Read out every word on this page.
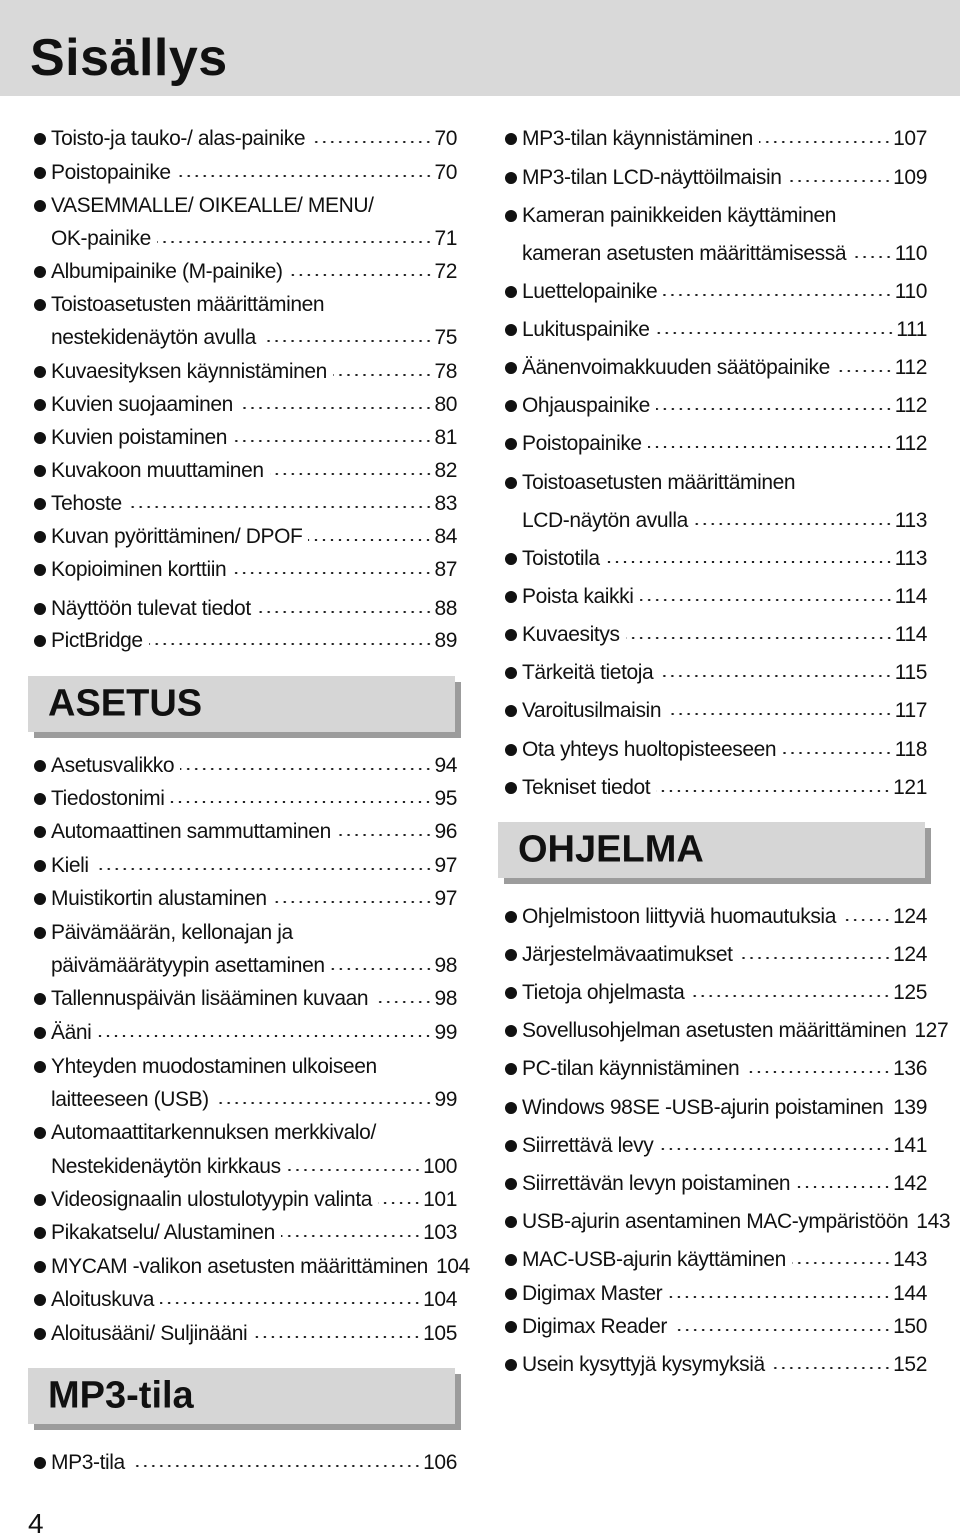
Sisällys
ASETUS
MP3-tila
OHJELMA
Toisto-ja tauko-/ alas-painike	70
Poistopainike	70
VASEMMALLE/ OIKEALLE/ MENU/
OK-painike	71
Albumipainike (M-painike)	72
Toistoasetusten määrittäminen
nestekidenäytön avulla	75
Kuvaesityksen käynnistäminen	78
Kuvien suojaaminen	80
Kuvien poistaminen	81
Kuvakoon muuttaminen	82
Tehoste	83
Kuvan pyörittäminen/ DPOF	84
Kopioiminen korttiin	87
Näyttöön tulevat tiedot	88
PictBridge	89
Asetusvalikko	94
Tiedostonimi	95
Automaattinen sammuttaminen	96
Kieli	97
Muistikortin alustaminen	97
Päivämäärän, kellonajan ja
päivämäärätyypin asettaminen	98
Tallennuspäivän lisääminen kuvaan	98
Ääni	99
Yhteyden muodostaminen ulkoiseen
laitteeseen (USB)	99
Automaattitarkennuksen merkkivalo/
Nestekidenäytön kirkkaus	100
Videosignaalin ulostulotyypin valinta 101
Pikakatselu/ Alustaminen	103
MYCAM -valikon asetusten määrittäminen 104
Aloituskuva	104
Aloitusääni/ Suljinääni	105
MP3-tila	106
MP3-tilan käynnistäminen	107
MP3-tilan LCD-näyttöilmaisin	109
Kameran painikkeiden käyttäminen
kameran asetusten määrittämisessä 110
Luettelopainike	110
Lukituspainike	111
Äänenvoimakkuuden säätöpainike	112
Ohjauspainike	112
Poistopainike	112
Toistoasetusten määrittäminen
LCD-näytön avulla	113
Toistotila	113
Poista kaikki	114
Kuvaesitys	114
Tärkeitä tietoja	115
Varoitusilmaisin	117
Ota yhteys huoltopisteeseen	118
Tekniset tiedot	121
Ohjelmistoon liittyviä huomautuksia	124
Järjestelmävaatimukset	124
Tietoja ohjelmasta	125
Sovellusohjelman asetusten määrittäminen 127
PC-tilan käynnistäminen	136
Windows 98SE -USB-ajurin poistaminen 139
Siirrettävä levy	141
Siirrettävän levyn poistaminen	142
USB-ajurin asentaminen MAC-ympäristöön 143
MAC-USB-ajurin käyttäminen	143
Digimax Master	144
Digimax Reader	150
Usein kysyttyjä kysymyksiä	152
4
